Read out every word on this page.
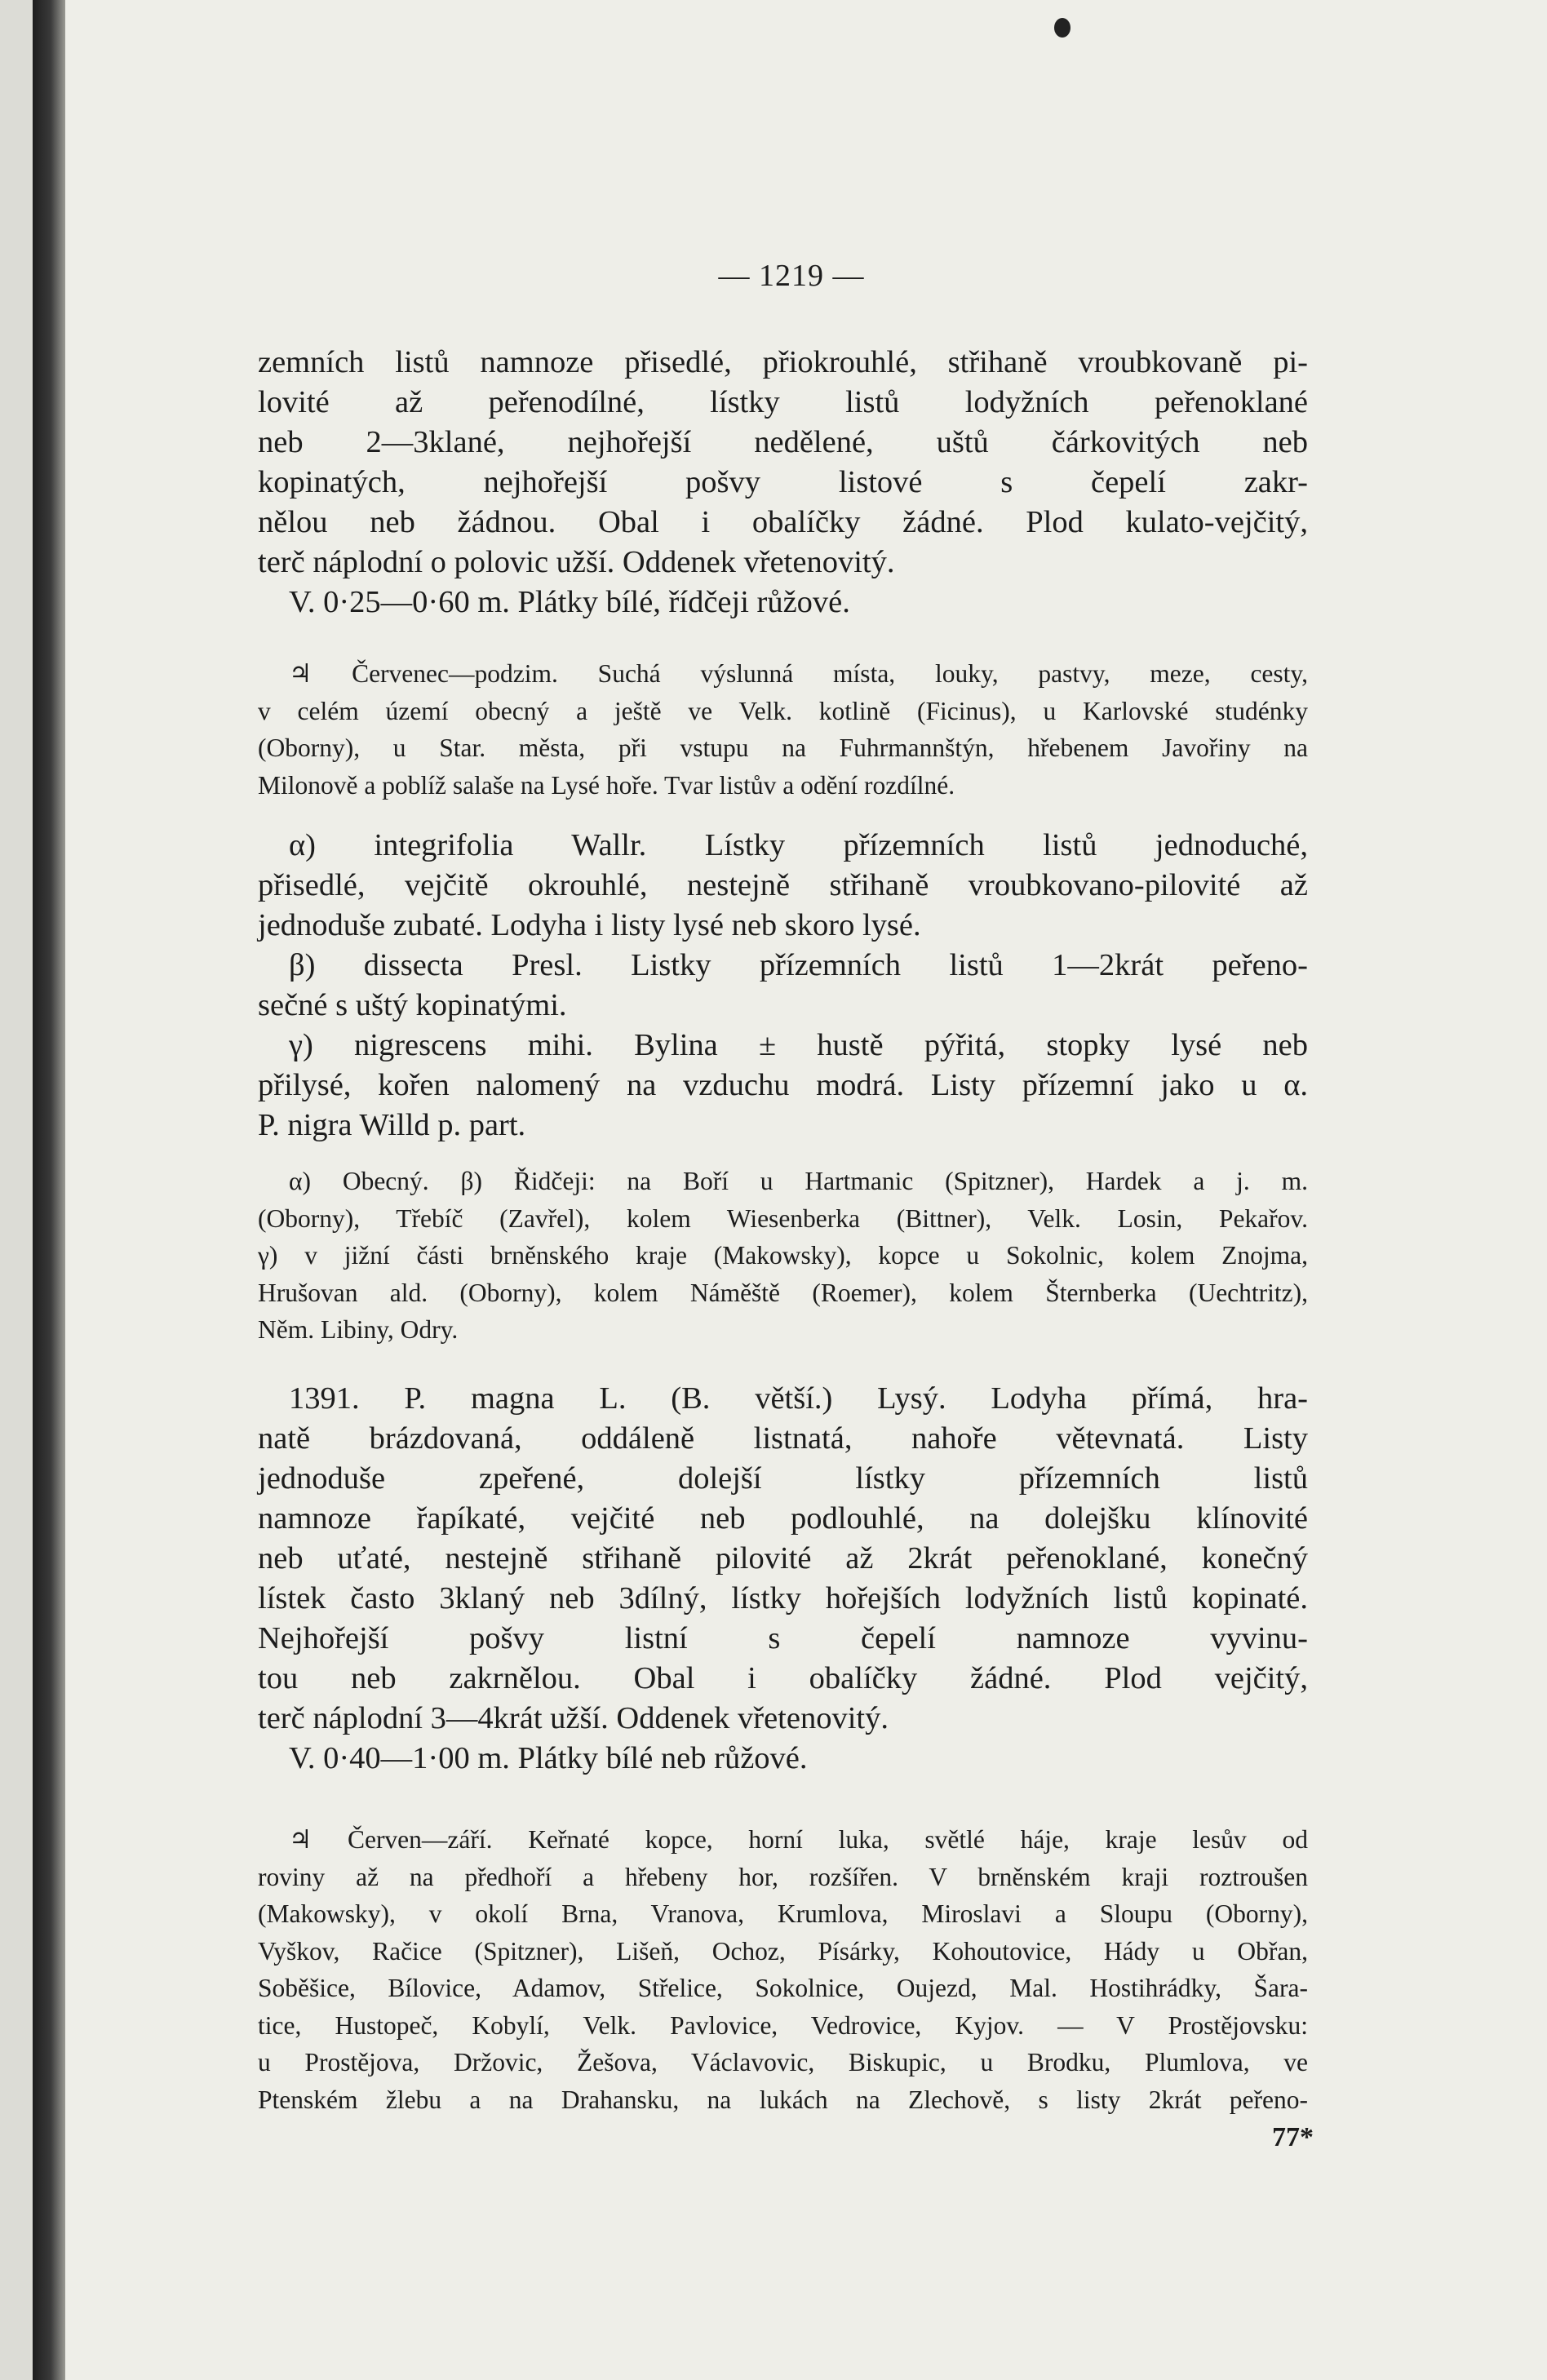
— 1219 —

zemních listů namnoze přisedlé, přiokrouhlé, střihaně vroubkovaně pi-

lovité až peřenodílné, lístky listů lodyžních peřenoklané

neb 2—3klané, nejhořejší nedělené, uštů čárkovitých neb

kopinatých, nejhořejší pošvy listové s čepelí zakr-

nělou neb žádnou. Obal i obalíčky žádné. Plod kulato-vejčitý,

terč náplodní o polovic užší. Oddenek vřetenovitý.

V. 0·25—0·60 m. Plátky bílé, řídčeji růžové.

♃ Červenec—podzim. Suchá výslunná místa, louky, pastvy, meze, cesty,

v celém území obecný a ještě ve Velk. kotlině (Ficinus), u Karlovské studénky

(Oborny), u Star. města, při vstupu na Fuhrmannštýn, hřebenem Javořiny na

Milonově a poblíž salaše na Lysé hoře. Tvar listův a odění rozdílné.

α) integrifolia Wallr. Lístky přízemních listů jednoduché,

přisedlé, vejčitě okrouhlé, nestejně střihaně vroubkovano-pilovité až

jednoduše zubaté. Lodyha i listy lysé neb skoro lysé.

β) dissecta Presl. Listky přízemních listů 1—2krát peřeno-

sečné s uštý kopinatými.

γ) nigrescens mihi. Bylina ± hustě pýřitá, stopky lysé neb

přilysé, kořen nalomený na vzduchu modrá. Listy přízemní jako u α.

P. nigra Willd p. part.

α) Obecný. β) Řidčeji: na Boří u Hartmanic (Spitzner), Hardek a j. m.

(Oborny), Třebíč (Zavřel), kolem Wiesenberka (Bittner), Velk. Losin, Pekařov.

γ) v jižní části brněnského kraje (Makowsky), kopce u Sokolnic, kolem Znojma,

Hrušovan ald. (Oborny), kolem Náměště (Roemer), kolem Šternberka (Uechtritz),

Něm. Libiny, Odry.

1391. P. magna L. (B. větší.) Lysý. Lodyha přímá, hra-

natě brázdovaná, oddáleně listnatá, nahoře větevnatá. Listy

jednoduše zpeřené, dolejší lístky přízemních listů

namnoze řapíkaté, vejčité neb podlouhlé, na dolejšku klínovité

neb uťaté, nestejně střihaně pilovité až 2krát peřenoklané, konečný

lístek často 3klaný neb 3dílný, lístky hořejších lodyžních listů kopinaté.

Nejhořejší pošvy listní s čepelí namnoze vyvinu-

tou neb zakrnělou. Obal i obalíčky žádné. Plod vejčitý,

terč náplodní 3—4krát užší. Oddenek vřetenovitý.

V. 0·40—1·00 m. Plátky bílé neb růžové.

♃ Červen—září. Keřnaté kopce, horní luka, světlé háje, kraje lesův od

roviny až na předhoří a hřebeny hor, rozšířen. V brněnském kraji roztroušen

(Makowsky), v okolí Brna, Vranova, Krumlova, Miroslavi a Sloupu (Oborny),

Vyškov, Račice (Spitzner), Lišeň, Ochoz, Písárky, Kohoutovice, Hády u Obřan,

Soběšice, Bílovice, Adamov, Střelice, Sokolnice, Oujezd, Mal. Hostihrádky, Šara-

tice, Hustopeč, Kobylí, Velk. Pavlovice, Vedrovice, Kyjov. — V Prostějovsku:

u Prostějova, Držovic, Žešova, Václavovic, Biskupic, u Brodku, Plumlova, ve

Ptenském žlebu a na Drahansku, na lukách na Zlechově, s listy 2krát peřeno-

77*
